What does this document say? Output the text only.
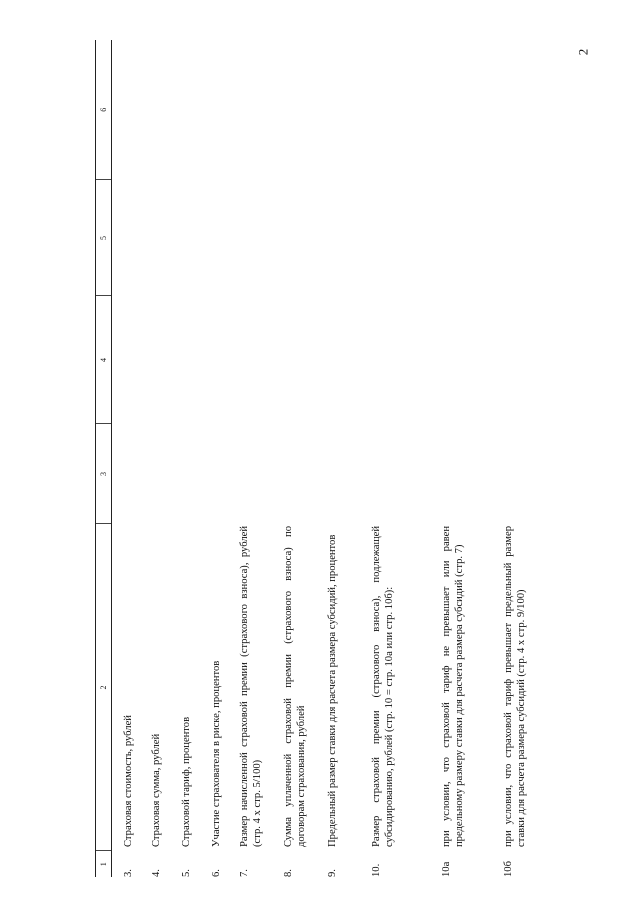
2
1	2	3	4	5	6
3.	Страховая стоимость, рублей				
4.	Страховая сумма, рублей				
5.	Страховой тариф, процентов				
6.	Участие страхователя в риске, процентов				
7.	Размер начисленной страховой премии (страхового взноса), рублей (стр. 4 х стр. 5/100)				
8.	Сумма уплаченной страховой премии (страхового взноса) по договорам страхования, рублей				
9.	Предельный размер ставки для расчета размера субсидий, процентов				
10.	Размер страховой премии (страхового взноса), подлежащей субсидированию, рублей (стр. 10 = стр. 10а или стр. 10б):				
10а	при условии, что страховой тариф не превышает или равен предельному размеру ставки для расчета размера субсидий (стр. 7)				
10б	при условии, что страховой тариф превышает предельный размер ставки для расчета размера субсидий (стр. 4 х стр. 9/100)				
